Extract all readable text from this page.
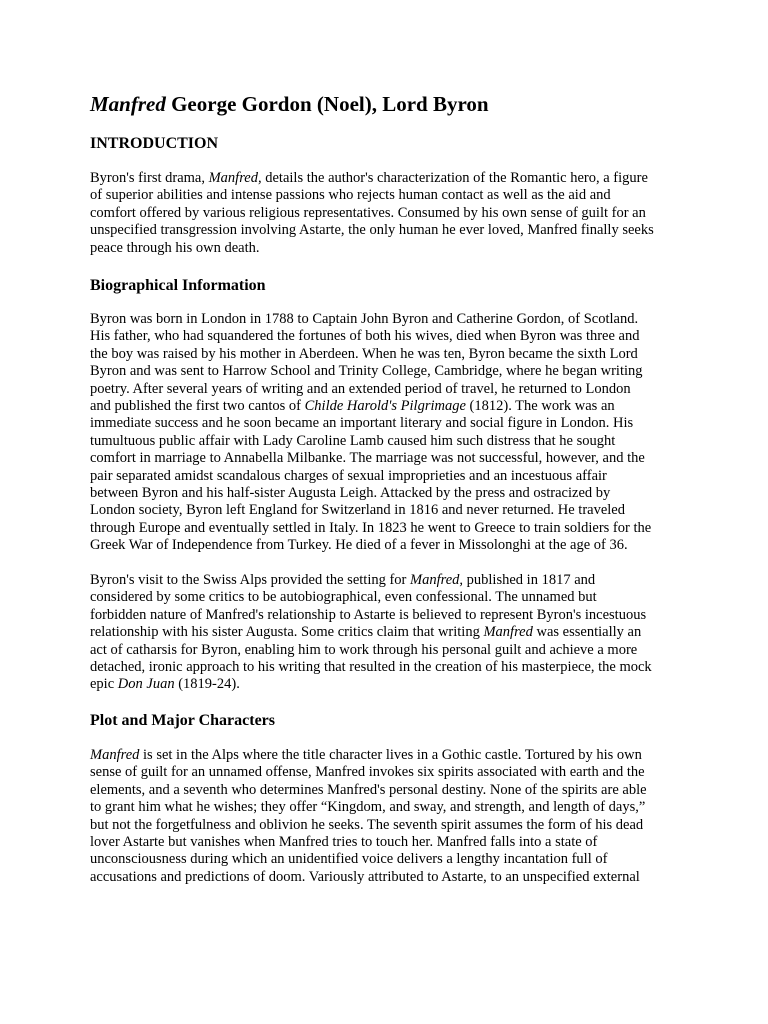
Manfred George Gordon (Noel), Lord Byron
INTRODUCTION
Byron's first drama, Manfred, details the author's characterization of the Romantic hero, a figure
of superior abilities and intense passions who rejects human contact as well as the aid and
comfort offered by various religious representatives. Consumed by his own sense of guilt for an
unspecified transgression involving Astarte, the only human he ever loved, Manfred finally seeks
peace through his own death.
Biographical Information
Byron was born in London in 1788 to Captain John Byron and Catherine Gordon, of Scotland.
His father, who had squandered the fortunes of both his wives, died when Byron was three and
the boy was raised by his mother in Aberdeen. When he was ten, Byron became the sixth Lord
Byron and was sent to Harrow School and Trinity College, Cambridge, where he began writing
poetry. After several years of writing and an extended period of travel, he returned to London
and published the first two cantos of Childe Harold's Pilgrimage (1812). The work was an
immediate success and he soon became an important literary and social figure in London. His
tumultuous public affair with Lady Caroline Lamb caused him such distress that he sought
comfort in marriage to Annabella Milbanke. The marriage was not successful, however, and the
pair separated amidst scandalous charges of sexual improprieties and an incestuous affair
between Byron and his half-sister Augusta Leigh. Attacked by the press and ostracized by
London society, Byron left England for Switzerland in 1816 and never returned. He traveled
through Europe and eventually settled in Italy. In 1823 he went to Greece to train soldiers for the
Greek War of Independence from Turkey. He died of a fever in Missolonghi at the age of 36.
Byron's visit to the Swiss Alps provided the setting for Manfred, published in 1817 and
considered by some critics to be autobiographical, even confessional. The unnamed but
forbidden nature of Manfred's relationship to Astarte is believed to represent Byron's incestuous
relationship with his sister Augusta. Some critics claim that writing Manfred was essentially an
act of catharsis for Byron, enabling him to work through his personal guilt and achieve a more
detached, ironic approach to his writing that resulted in the creation of his masterpiece, the mock
epic Don Juan (1819-24).
Plot and Major Characters
Manfred is set in the Alps where the title character lives in a Gothic castle. Tortured by his own
sense of guilt for an unnamed offense, Manfred invokes six spirits associated with earth and the
elements, and a seventh who determines Manfred's personal destiny. None of the spirits are able
to grant him what he wishes; they offer “Kingdom, and sway, and strength, and length of days,”
but not the forgetfulness and oblivion he seeks. The seventh spirit assumes the form of his dead
lover Astarte but vanishes when Manfred tries to touch her. Manfred falls into a state of
unconsciousness during which an unidentified voice delivers a lengthy incantation full of
accusations and predictions of doom. Variously attributed to Astarte, to an unspecified external
